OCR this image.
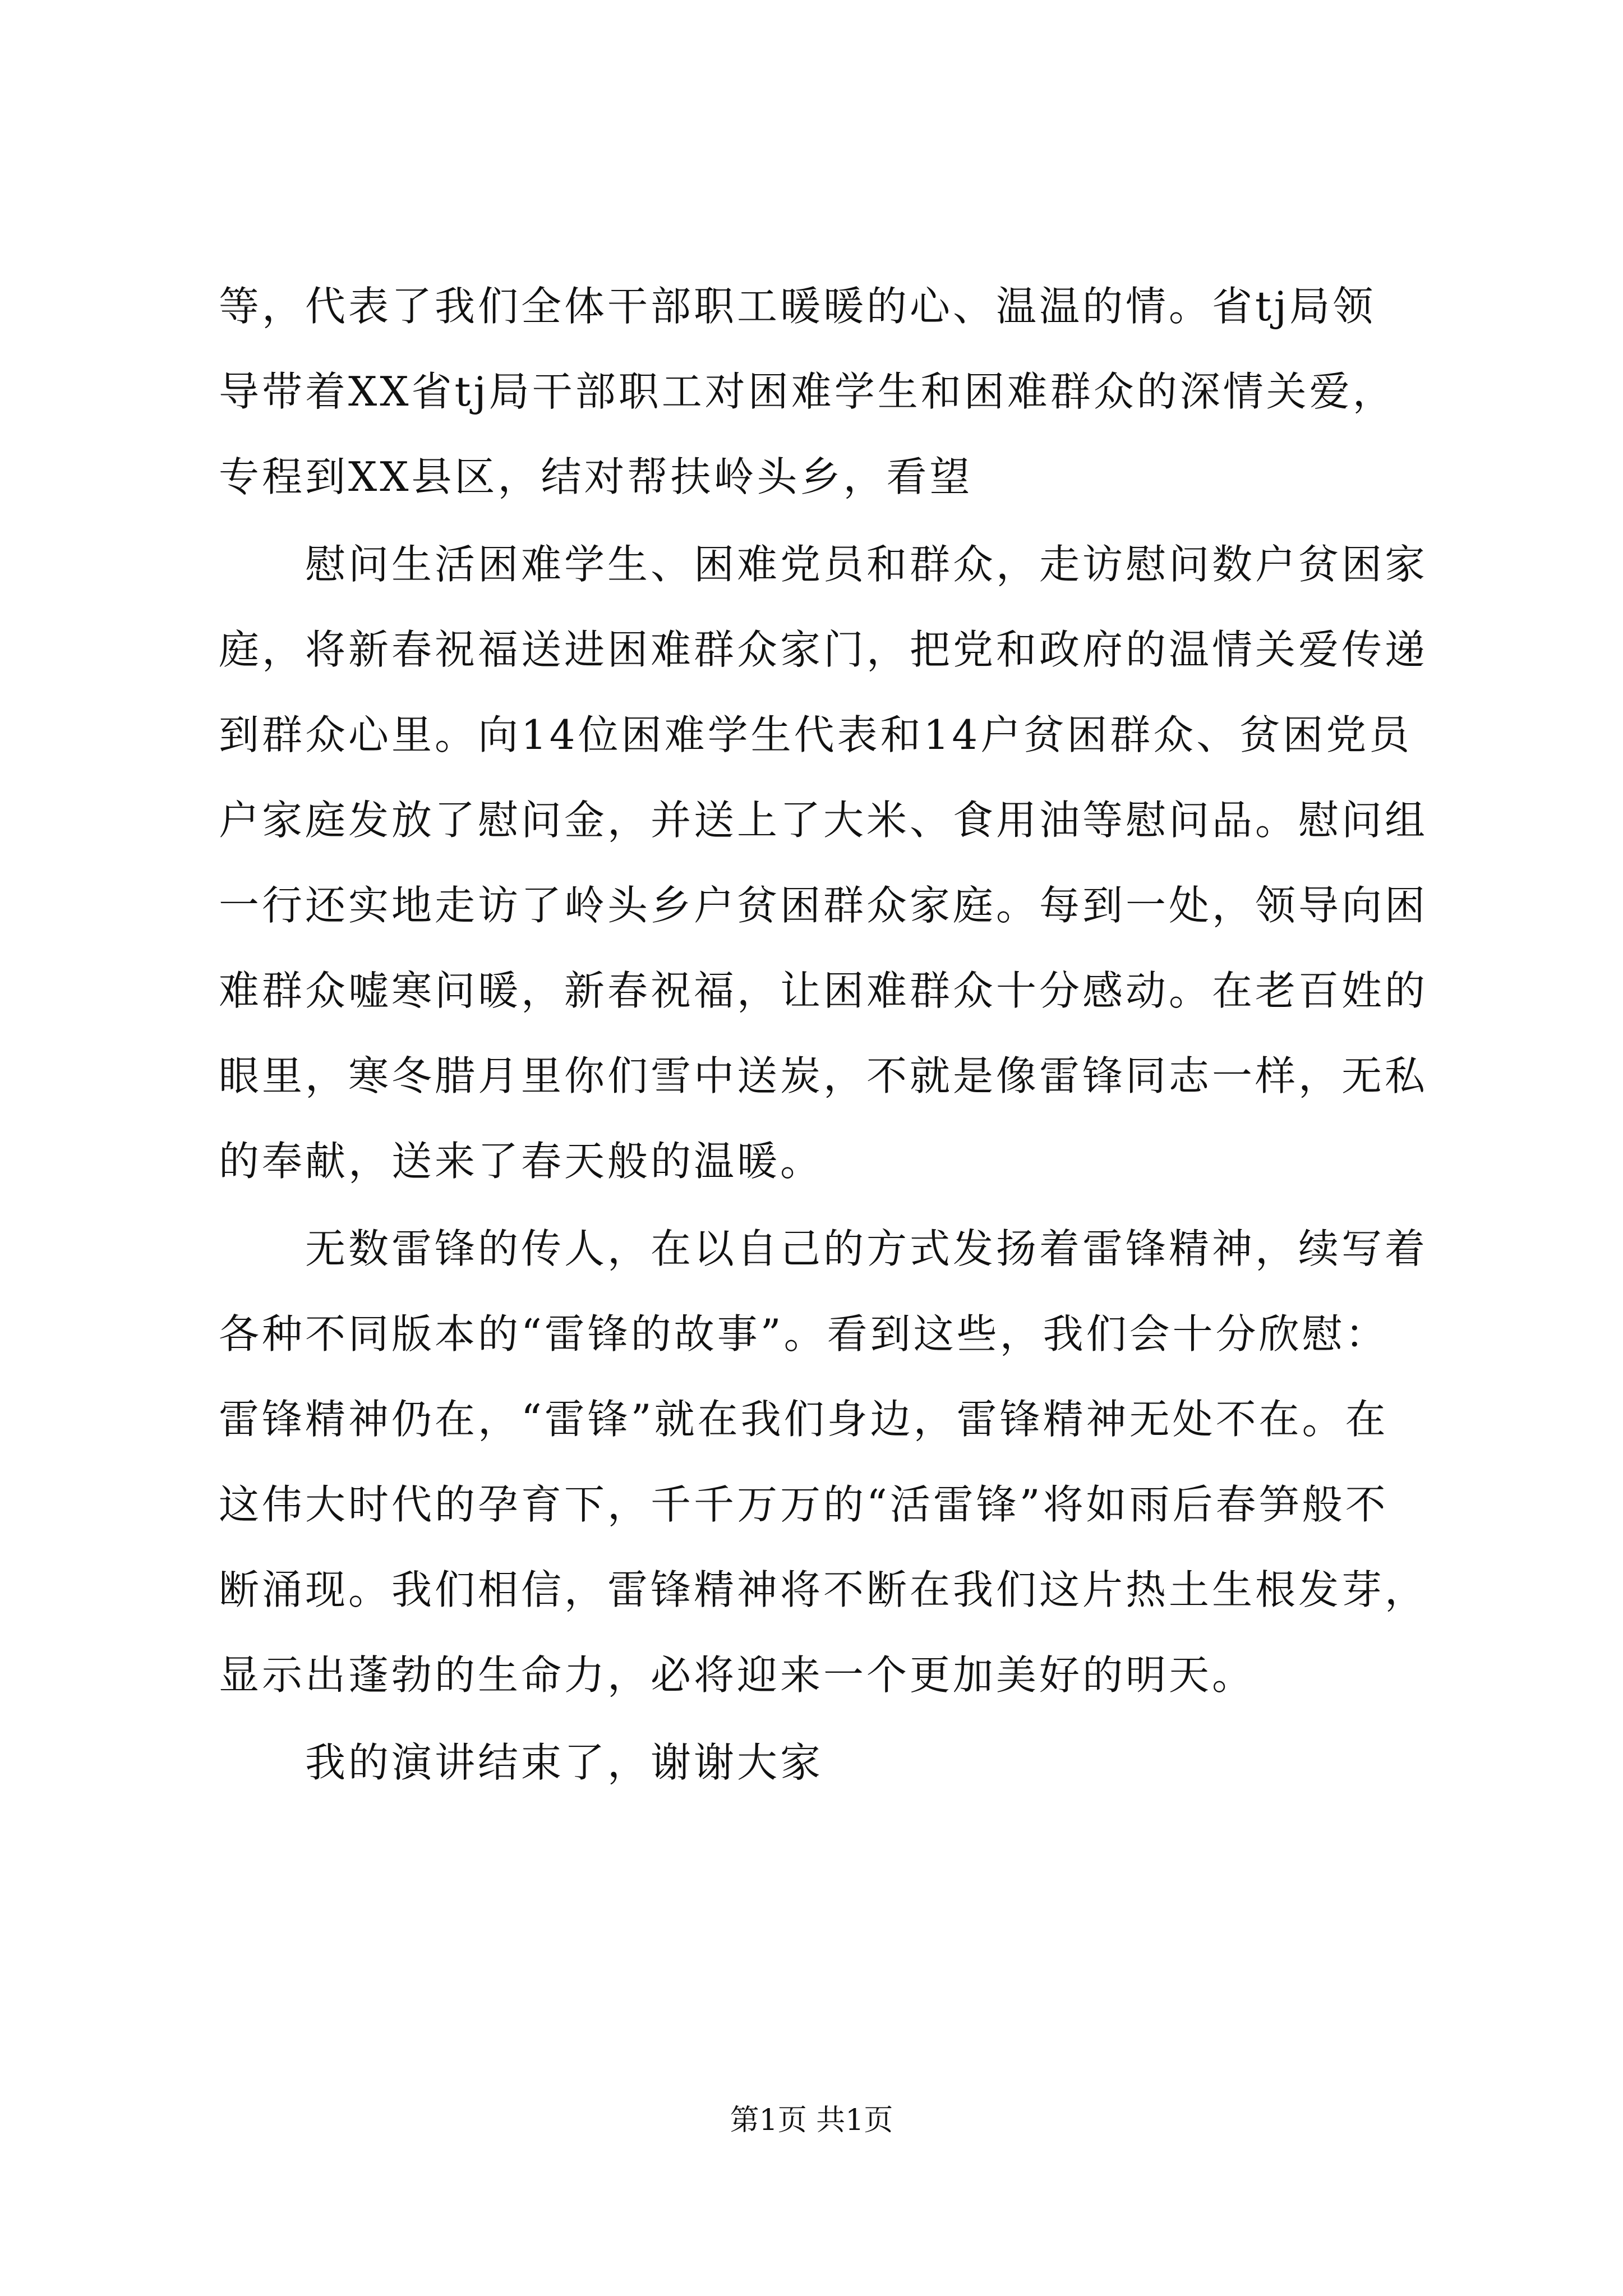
等，代表了我们全体干部职工暖暖的心、温温的情。省tj局领
导带着XX省tj局干部职工对困难学生和困难群众的深情关爱，
专程到XX县区，结对帮扶岭头乡，看望
　　慰问生活困难学生、困难党员和群众，走访慰问数户贫困家
庭，将新春祝福送进困难群众家门，把党和政府的温情关爱传递
到群众心里。向14位困难学生代表和14户贫困群众、贫困党员
户家庭发放了慰问金，并送上了大米、食用油等慰问品。慰问组
一行还实地走访了岭头乡户贫困群众家庭。每到一处，领导向困
难群众嘘寒问暖，新春祝福，让困难群众十分感动。在老百姓的
眼里，寒冬腊月里你们雪中送炭，不就是像雷锋同志一样，无私
的奉献，送来了春天般的温暖。
　　无数雷锋的传人，在以自己的方式发扬着雷锋精神，续写着
各种不同版本的“雷锋的故事”。看到这些，我们会十分欣慰：
雷锋精神仍在，“雷锋”就在我们身边，雷锋精神无处不在。在
这伟大时代的孕育下，千千万万的“活雷锋”将如雨后春笋般不
断涌现。我们相信，雷锋精神将不断在我们这片热土生根发芽，
显示出蓬勃的生命力，必将迎来一个更加美好的明天。
　　我的演讲结束了，谢谢大家
第1页 共1页
